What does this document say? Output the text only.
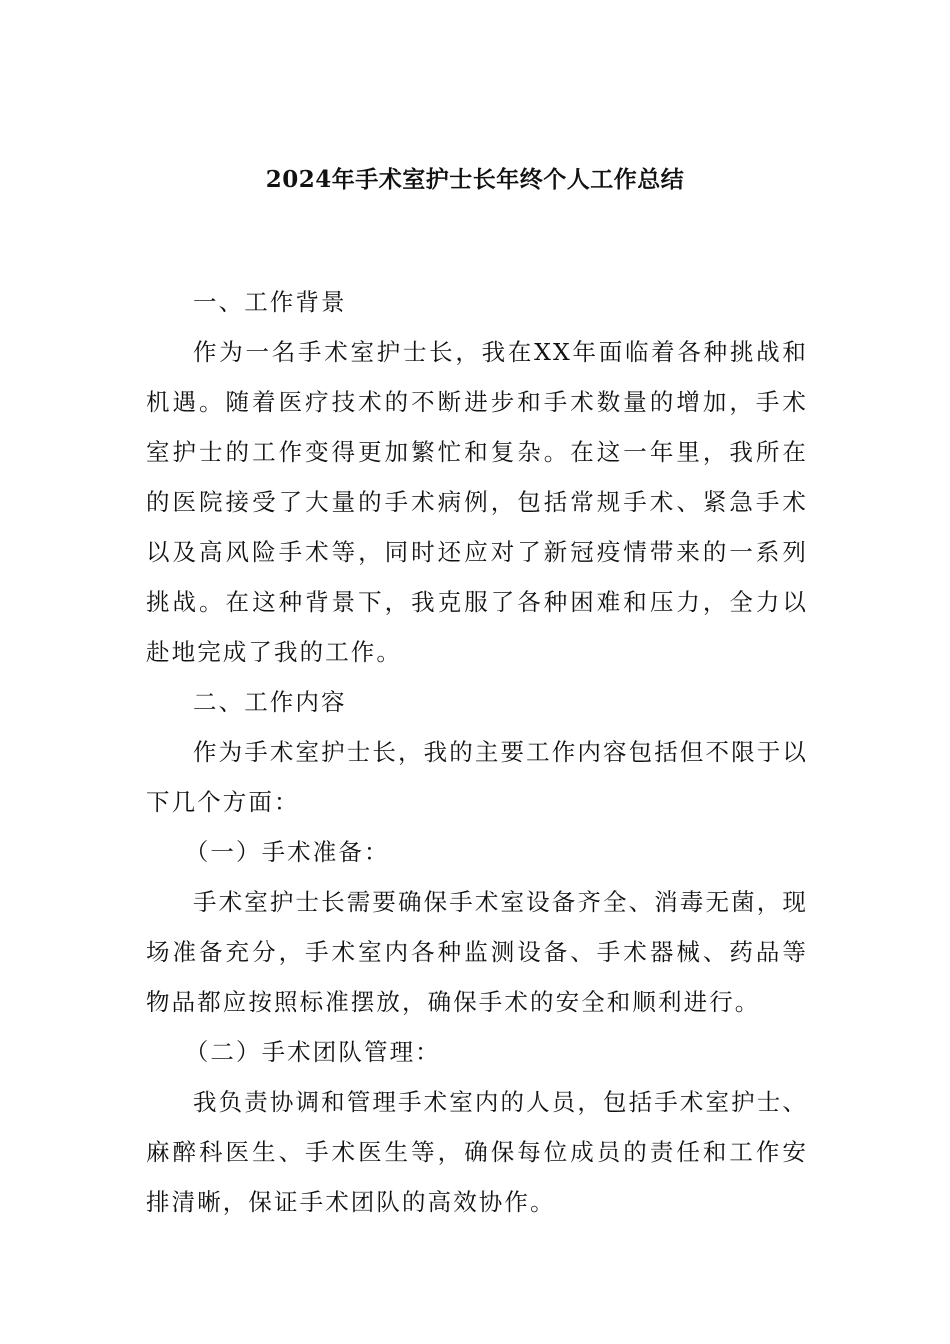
2024年手术室护士长年终个人工作总结

一、工作背景

作为一名手术室护士长，我在XX年面临着各种挑战和机遇。随着医疗技术的不断进步和手术数量的增加，手术室护士的工作变得更加繁忙和复杂。在这一年里，我所在的医院接受了大量的手术病例，包括常规手术、紧急手术以及高风险手术等，同时还应对了新冠疫情带来的一系列挑战。在这种背景下，我克服了各种困难和压力，全力以赴地完成了我的工作。

二、工作内容

作为手术室护士长，我的主要工作内容包括但不限于以下几个方面：

（一）手术准备：

手术室护士长需要确保手术室设备齐全、消毒无菌，现场准备充分，手术室内各种监测设备、手术器械、药品等物品都应按照标准摆放，确保手术的安全和顺利进行。

（二）手术团队管理：

我负责协调和管理手术室内的人员，包括手术室护士、麻醉科医生、手术医生等，确保每位成员的责任和工作安排清晰，保证手术团队的高效协作。
